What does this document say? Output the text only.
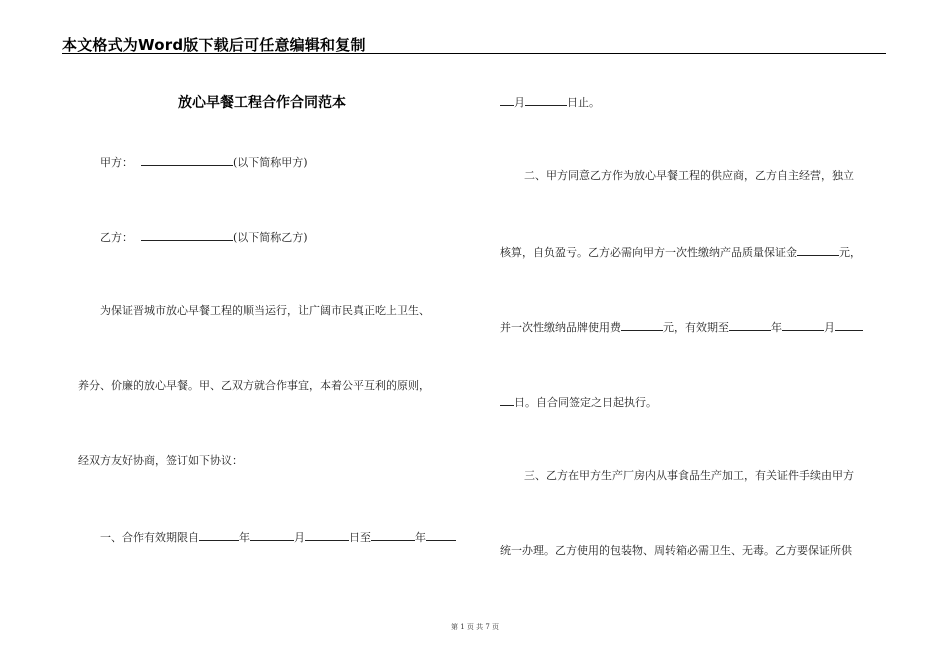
本文格式为Word版下载后可任意编辑和复制
放心早餐工程合作合同范本
甲方：	(以下简称甲方)
乙方：	(以下简称乙方)
为保证晋城市放心早餐工程的顺当运行，让广阔市民真正吃上卫生、
养分、价廉的放心早餐。甲、乙双方就合作事宜，本着公平互利的原则，
经双方友好协商，签订如下协议：
一、合作有效期限自	年	月	日至	年
月	日止。
二、甲方同意乙方作为放心早餐工程的供应商，乙方自主经营，独立
核算，自负盈亏。乙方必需向甲方一次性缴纳产品质量保证金	元，
并一次性缴纳品牌使用费	元，有效期至	年	月
日。自合同签定之日起执行。
三、乙方在甲方生产厂房内从事食品生产加工，有关证件手续由甲方
统一办理。乙方使用的包装物、周转箱必需卫生、无毒。乙方要保证所供
第 1 页 共 7 页
